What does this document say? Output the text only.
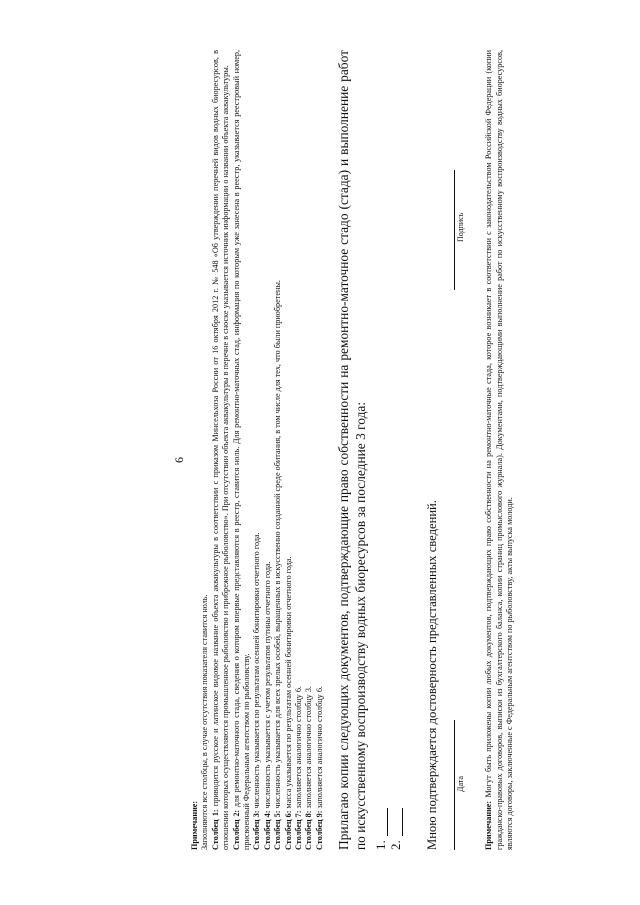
6

Примечание: Заполняются все столбцы, в случае отсутствия показателя ставится ноль. Столбец 1: приводится русское и латинское видовое название объекта аквакультуры в соответствии с приказом Минсельхоза России от 16 октября 2012 г. № 548 «Об утверждении перечней видов водных биоресурсов, в отношении которых осуществляются промышленное рыболовство и прибрежное рыболовство». При отсутствии объекта аквакультуры в перечне в сноске указывается источник информации о названии объекта аквакультуры. Столбец 2: для ремонтно-маточного стада, сведения о котором впервые представляются в реестр, ставится ноль. Для ремонтно-маточных стад, информация по которым уже занесена в реестр, указывается реестровый номер, присвоенный Федеральным агентством по рыболовству. Столбец 3: численность указывается по результатам осенней бонитировки отчетного года.

Столбец 4: численность указывается с учетом результатов путины отчетного года.

Столбец 5: численность указывается для всех зрелых особей, выращенных в искусственно созданной среде обитания, в том числе для тех, что были приобретены.

Столбец 6: масса указывается по результатам осенней бонитировки отчетного года.

Столбец 7: заполняется аналогично столбцу 6.

Столбец 8: заполняется аналогично столбцу 3.

Столбец 9: заполняется аналогично столбцу 6. Прилагаю копии следующих документов, подтверждающие право собственности на ремонтно-маточное стадо (стада) и выполнение работ по искусственному воспроизводству водных биоресурсов за последние 3 года: 1. 2. Мною подтверждается достоверность представленных сведений. Дата
Подпись
Примечание: Могут быть приложены копии любых документов, подтверждающих право собственности на ремонтно-маточные стада, которое возникает в соответствии с законодательством Российской Федерации (копии гражданско-правовых договоров, выписки из бухгалтерского баланса, копии страниц промыслового журнала). Документами, подтверждающими выполнение работ по искусственному воспроизводству водных биоресурсов, являются договоры, заключенные с Федеральным агентством по рыболовству, акты выпуска молоди.
